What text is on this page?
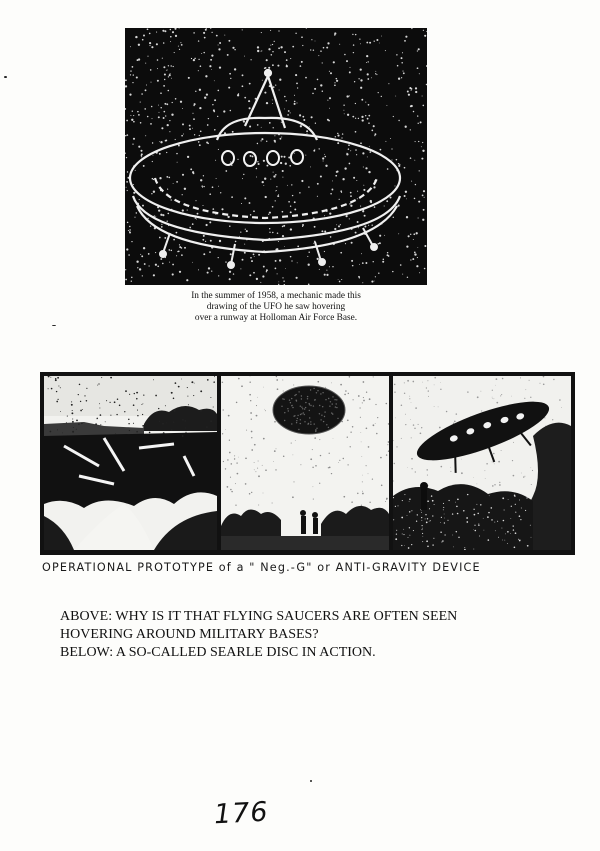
In the summer of 1958, a mechanic made this
drawing of the UFO he saw hovering
over a runway at Holloman Air Force Base.
OPERATIONAL PROTOTYPE of a " Neg.-G" or ANTI-GRAVITY DEVICE
ABOVE: WHY IS IT THAT FLYING SAUCERS ARE OFTEN SEEN
HOVERING AROUND MILITARY BASES?
BELOW: A SO-CALLED SEARLE DISC IN ACTION.
176
